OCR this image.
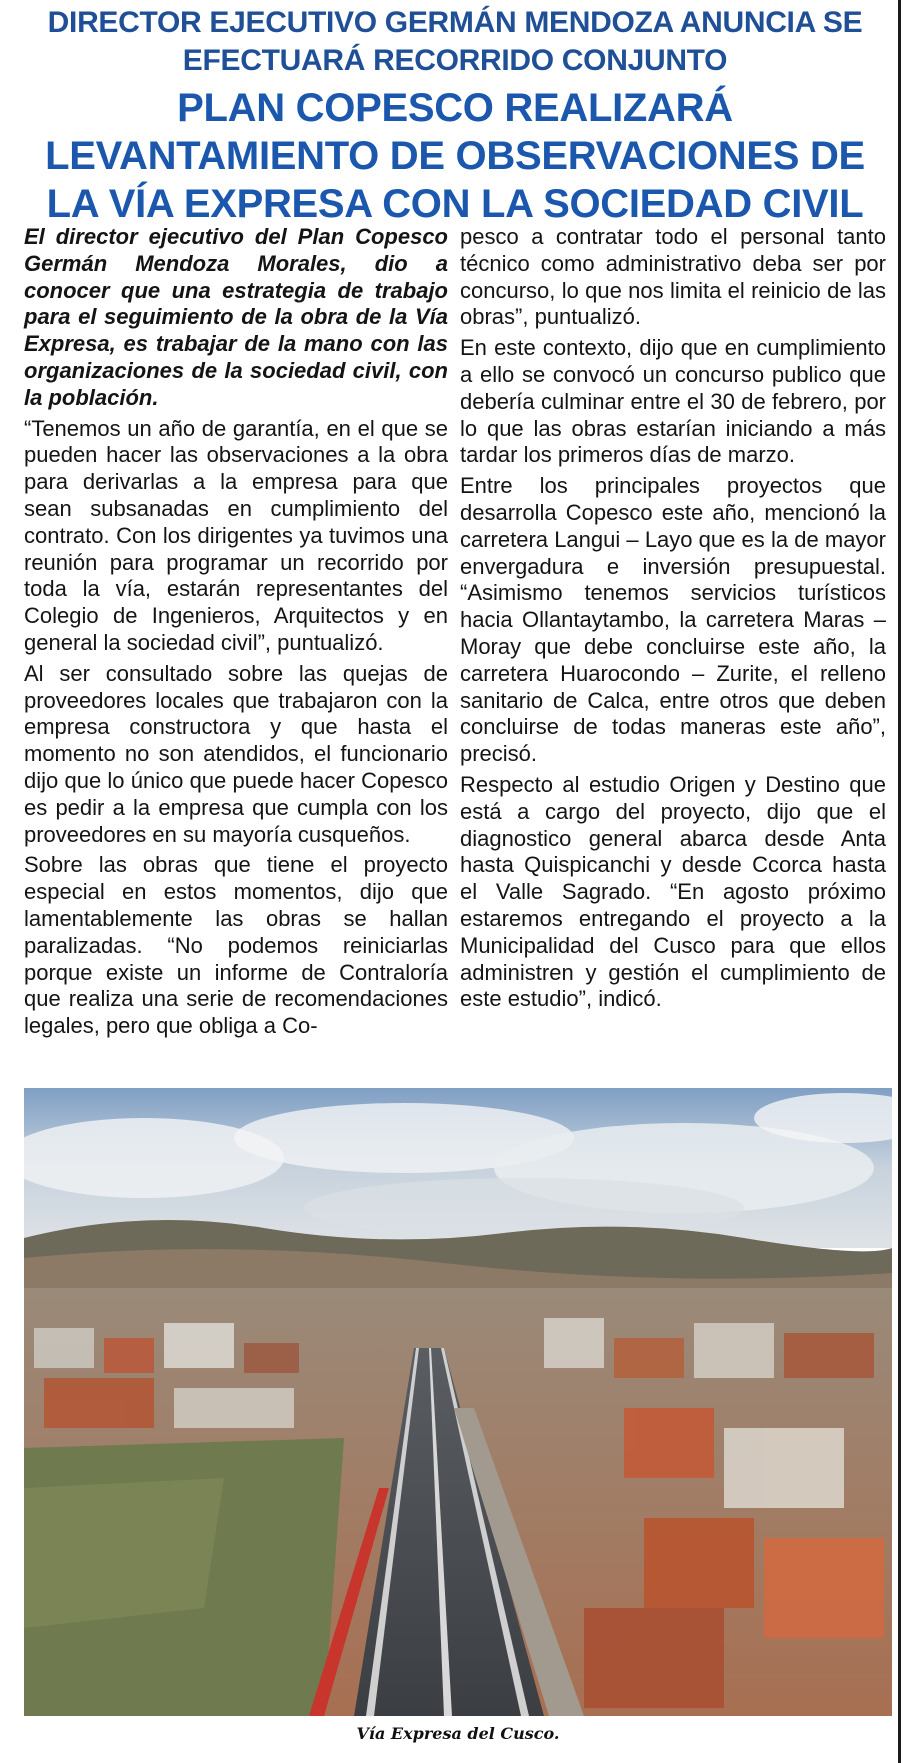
DIRECTOR EJECUTIVO GERMÁN MENDOZA ANUNCIA SE EFECTUARÁ RECORRIDO CONJUNTO
PLAN COPESCO REALIZARÁ LEVANTAMIENTO DE OBSERVACIONES DE LA VÍA EXPRESA CON LA SOCIEDAD CIVIL

El director ejecutivo del Plan Copesco Germán Mendoza Morales, dio a conocer que una estrategia de trabajo para el seguimiento de la obra de la Vía Expresa, es trabajar de la mano con las organizaciones de la sociedad civil, con la población.

“Tenemos un año de garantía, en el que se pueden hacer las observaciones a la obra para derivarlas a la empresa para que sean subsanadas en cumplimiento del contrato. Con los dirigentes ya tuvimos una reunión para programar un recorrido por toda la vía, estarán representantes del Colegio de Ingenieros, Arquitectos y en general la sociedad civil”, puntualizó.

Al ser consultado sobre las quejas de proveedores locales que trabajaron con la empresa constructora y que hasta el momento no son atendidos, el funcionario dijo que lo único que puede hacer Copesco es pedir a la empresa que cumpla con los proveedores en su mayoría cusqueños.

Sobre las obras que tiene el proyecto especial en estos momentos, dijo que lamentablemente las obras se hallan paralizadas. “No podemos reiniciarlas porque existe un informe de Contraloría que realiza una serie de recomendaciones legales, pero que obliga a Co-

pesco a contratar todo el personal tanto técnico como administrativo deba ser por concurso, lo que nos limita el reinicio de las obras”, puntualizó.

En este contexto, dijo que en cumplimiento a ello se convocó un concurso publico que debería culminar entre el 30 de febrero, por lo que las obras estarían iniciando a más tardar los primeros días de marzo.

Entre los principales proyectos que desarrolla Copesco este año, mencionó la carretera Langui – Layo que es la de mayor envergadura e inversión presupuestal. “Asimismo tenemos servicios turísticos hacia Ollantaytambo, la carretera Maras – Moray que debe concluirse este año, la carretera Huarocondo – Zurite, el relleno sanitario de Calca, entre otros que deben concluirse de todas maneras este año”, precisó.

Respecto al estudio Origen y Destino que está a cargo del proyecto, dijo que el diagnostico general abarca desde Anta hasta Quispicanchi y desde Ccorca hasta el Valle Sagrado. “En agosto próximo estaremos entregando el proyecto a la Municipalidad del Cusco para que ellos administren y gestión el cumplimiento de este estudio”, indicó.

Vía Expresa del Cusco.
